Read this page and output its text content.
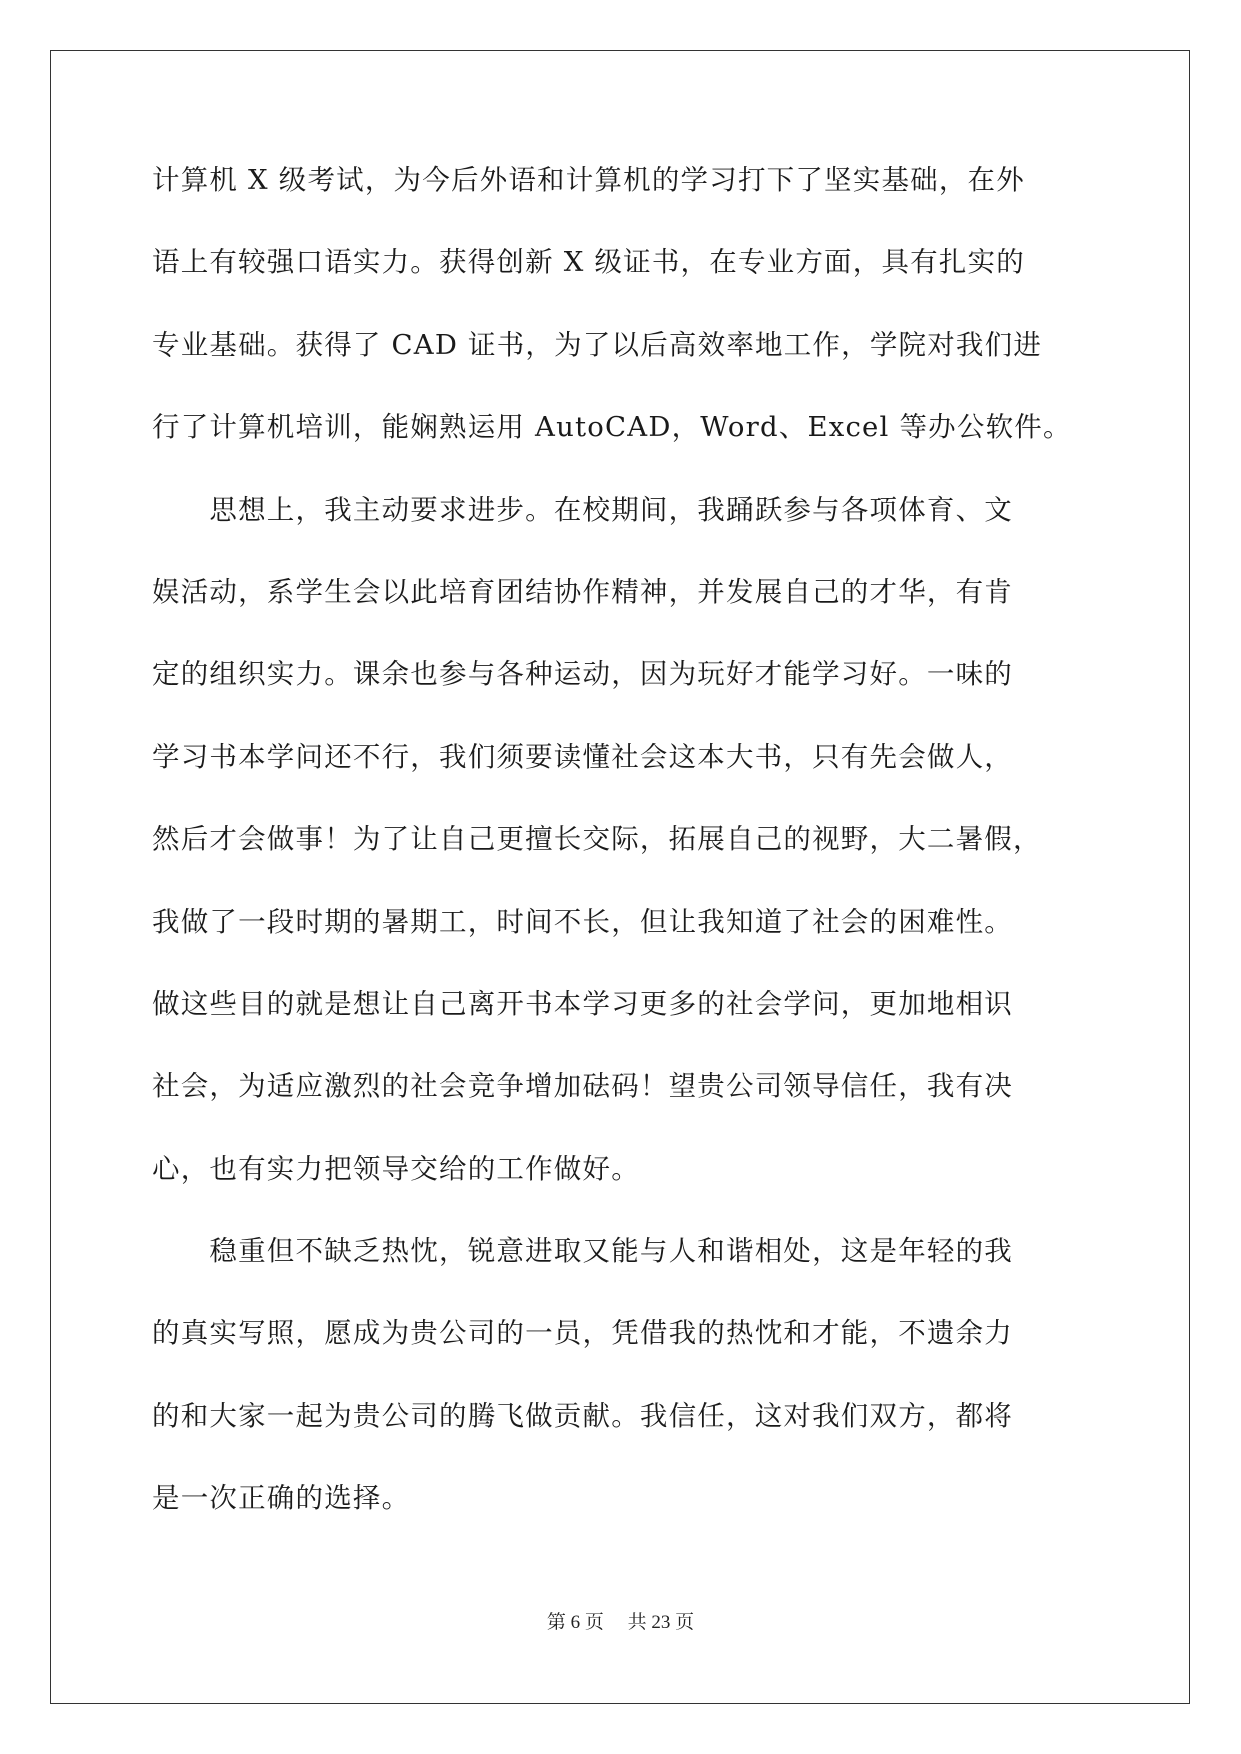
计算机 X 级考试，为今后外语和计算机的学习打下了坚实基础，在外
语上有较强口语实力。获得创新 X 级证书，在专业方面，具有扎实的
专业基础。获得了 CAD 证书，为了以后高效率地工作，学院对我们进
行了计算机培训，能娴熟运用 AutoCAD，Word、Excel 等办公软件。
　　思想上，我主动要求进步。在校期间，我踊跃参与各项体育、文
娱活动，系学生会以此培育团结协作精神，并发展自己的才华，有肯
定的组织实力。课余也参与各种运动，因为玩好才能学习好。一味的
学习书本学问还不行，我们须要读懂社会这本大书，只有先会做人，
然后才会做事！为了让自己更擅长交际，拓展自己的视野，大二暑假，
我做了一段时期的暑期工，时间不长，但让我知道了社会的困难性。
做这些目的就是想让自己离开书本学习更多的社会学问，更加地相识
社会，为适应激烈的社会竞争增加砝码！望贵公司领导信任，我有决
心，也有实力把领导交给的工作做好。
　　稳重但不缺乏热忱，锐意进取又能与人和谐相处，这是年轻的我
的真实写照，愿成为贵公司的一员，凭借我的热忱和才能，不遗余力
的和大家一起为贵公司的腾飞做贡献。我信任，这对我们双方，都将
是一次正确的选择。
第 6 页　 共 23 页
